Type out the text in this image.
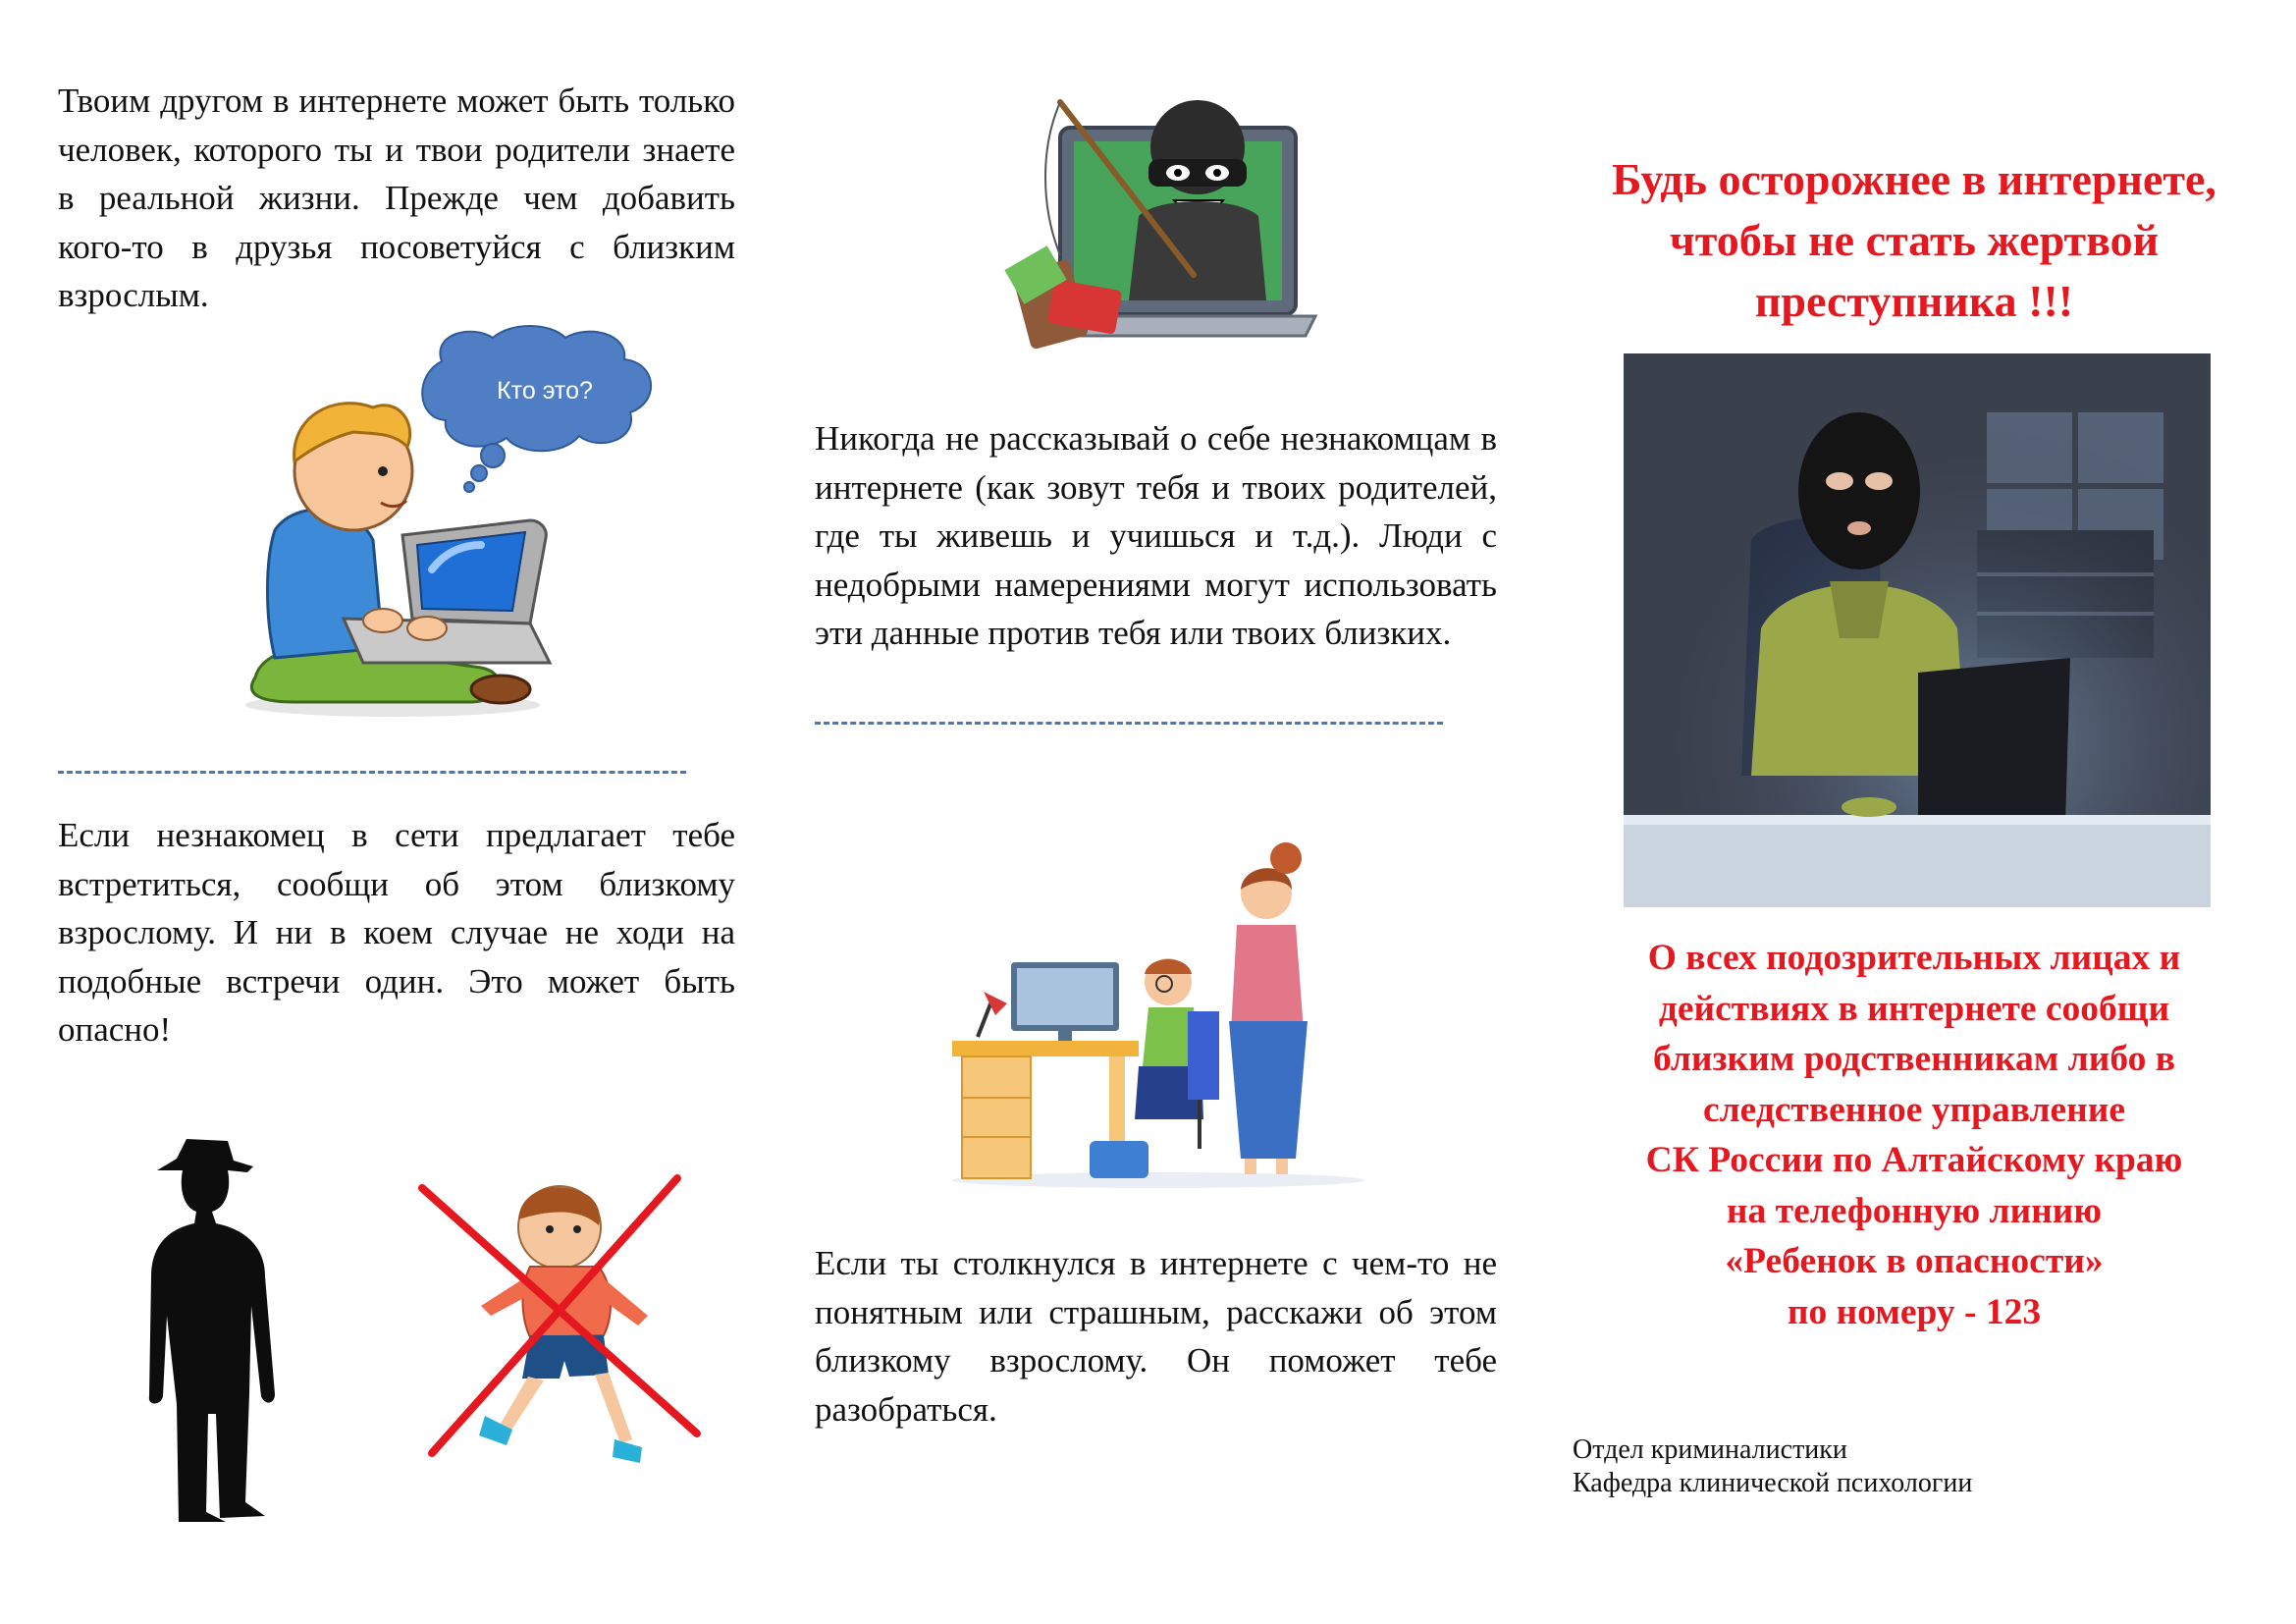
Твоим другом в интернете может быть только человек, которого ты и твои родители знаете в реальной жизни. Прежде чем добавить кого-то в друзья посоветуйся с близким взрослым.

Кто это?

Если незнакомец в сети предлагает тебе встретиться, сообщи об этом близкому взрослому. И ни в коем случае не ходи на подобные встречи один. Это может быть опасно!

Никогда не рассказывай о себе незнакомцам в интернете (как зовут тебя и твоих родителей, где ты живешь и учишься и т.д.). Люди с недобрыми намерениями могут использовать эти данные против тебя или твоих близких.

Если ты столкнулся в интернете с чем-то не понятным или страшным, расскажи об этом близкому взрослому. Он поможет тебе разобраться.

Будь осторожнее в интернете, чтобы не стать жертвой преступника !!!

О всех подозрительных лицах и
действиях в интернете сообщи
близким родственникам либо в
следственное управление
СК России по Алтайскому краю
на телефонную линию
«Ребенок в опасности»
по номеру - 123
Отдел криминалистики
Кафедра клинической психологии
